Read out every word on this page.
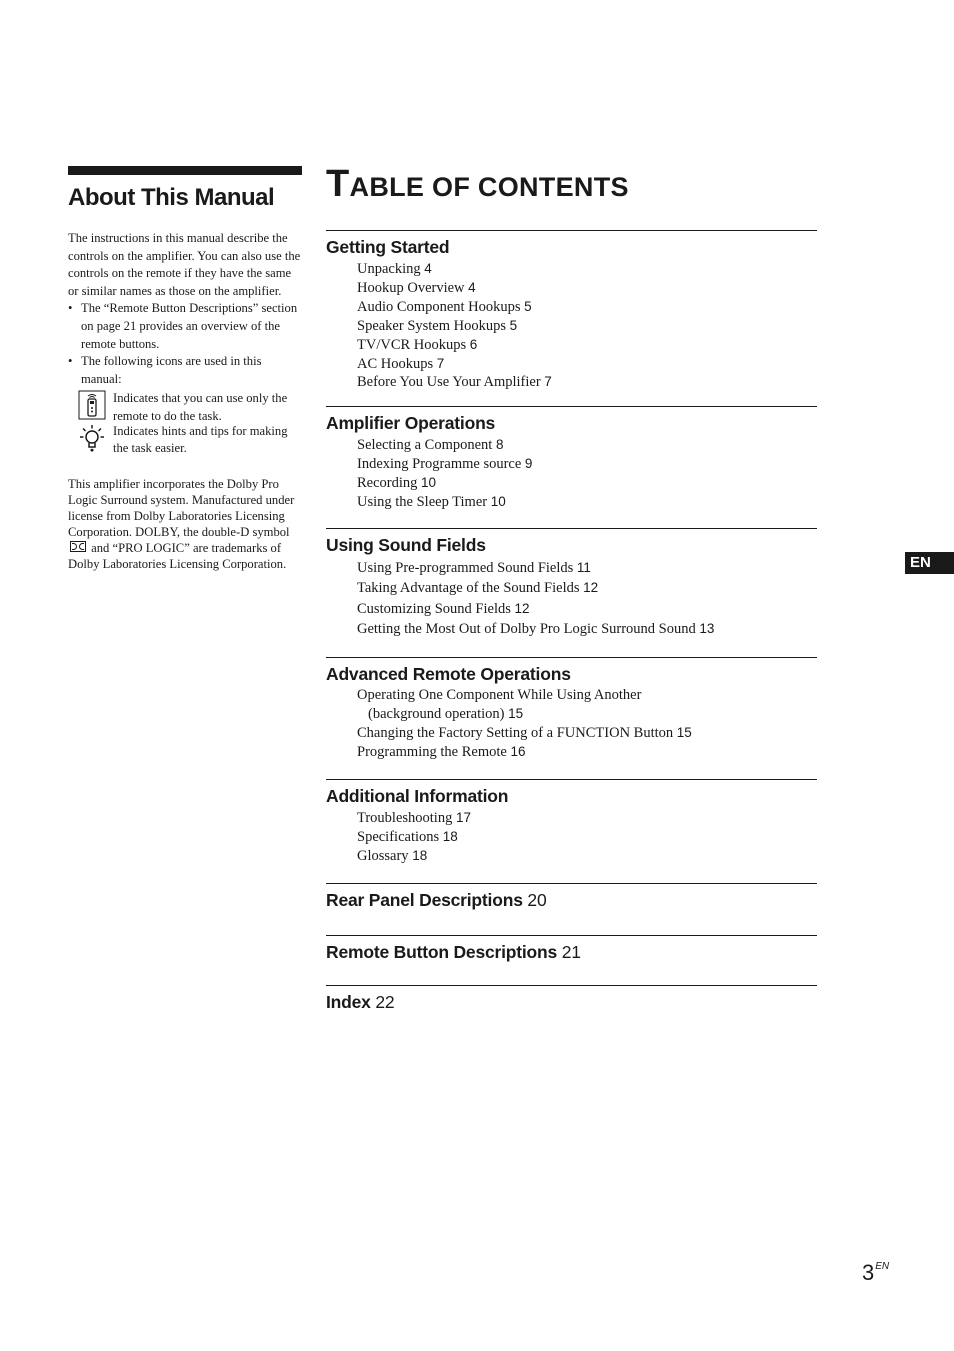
About This Manual
The instructions in this manual describe the controls on the amplifier. You can also use the controls on the remote if they have the same or similar names as those on the amplifier.
• The “Remote Button Descriptions” section on page 21 provides an overview of the remote buttons.
• The following icons are used in this manual:
Indicates that you can use only the remote to do the task.
Indicates hints and tips for making the task easier.
This amplifier incorporates the Dolby Pro Logic Surround system. Manufactured under license from Dolby Laboratories Licensing Corporation. DOLBY, the double-D symbol  and “PRO LOGIC” are trademarks of Dolby Laboratories Licensing Corporation.
TABLE OF CONTENTS
Getting Started
Unpacking 4
Hookup Overview 4
Audio Component Hookups 5
Speaker System Hookups 5
TV/VCR Hookups 6
AC Hookups 7
Before You Use Your Amplifier 7
Amplifier Operations
Selecting a Component 8
Indexing Programme source 9
Recording 10
Using the Sleep Timer 10
Using Sound Fields
Using Pre-programmed Sound Fields 11
Taking Advantage of the Sound Fields 12
Customizing Sound Fields 12
Getting the Most Out of Dolby Pro Logic Surround Sound 13
Advanced Remote Operations
Operating One Component While Using Another
(background operation) 15
Changing the Factory Setting of a FUNCTION Button 15
Programming the Remote 16
Additional Information
Troubleshooting 17
Specifications 18
Glossary 18
Rear Panel Descriptions 20
Remote Button Descriptions 21
Index 22
EN
$3^{EN}$
